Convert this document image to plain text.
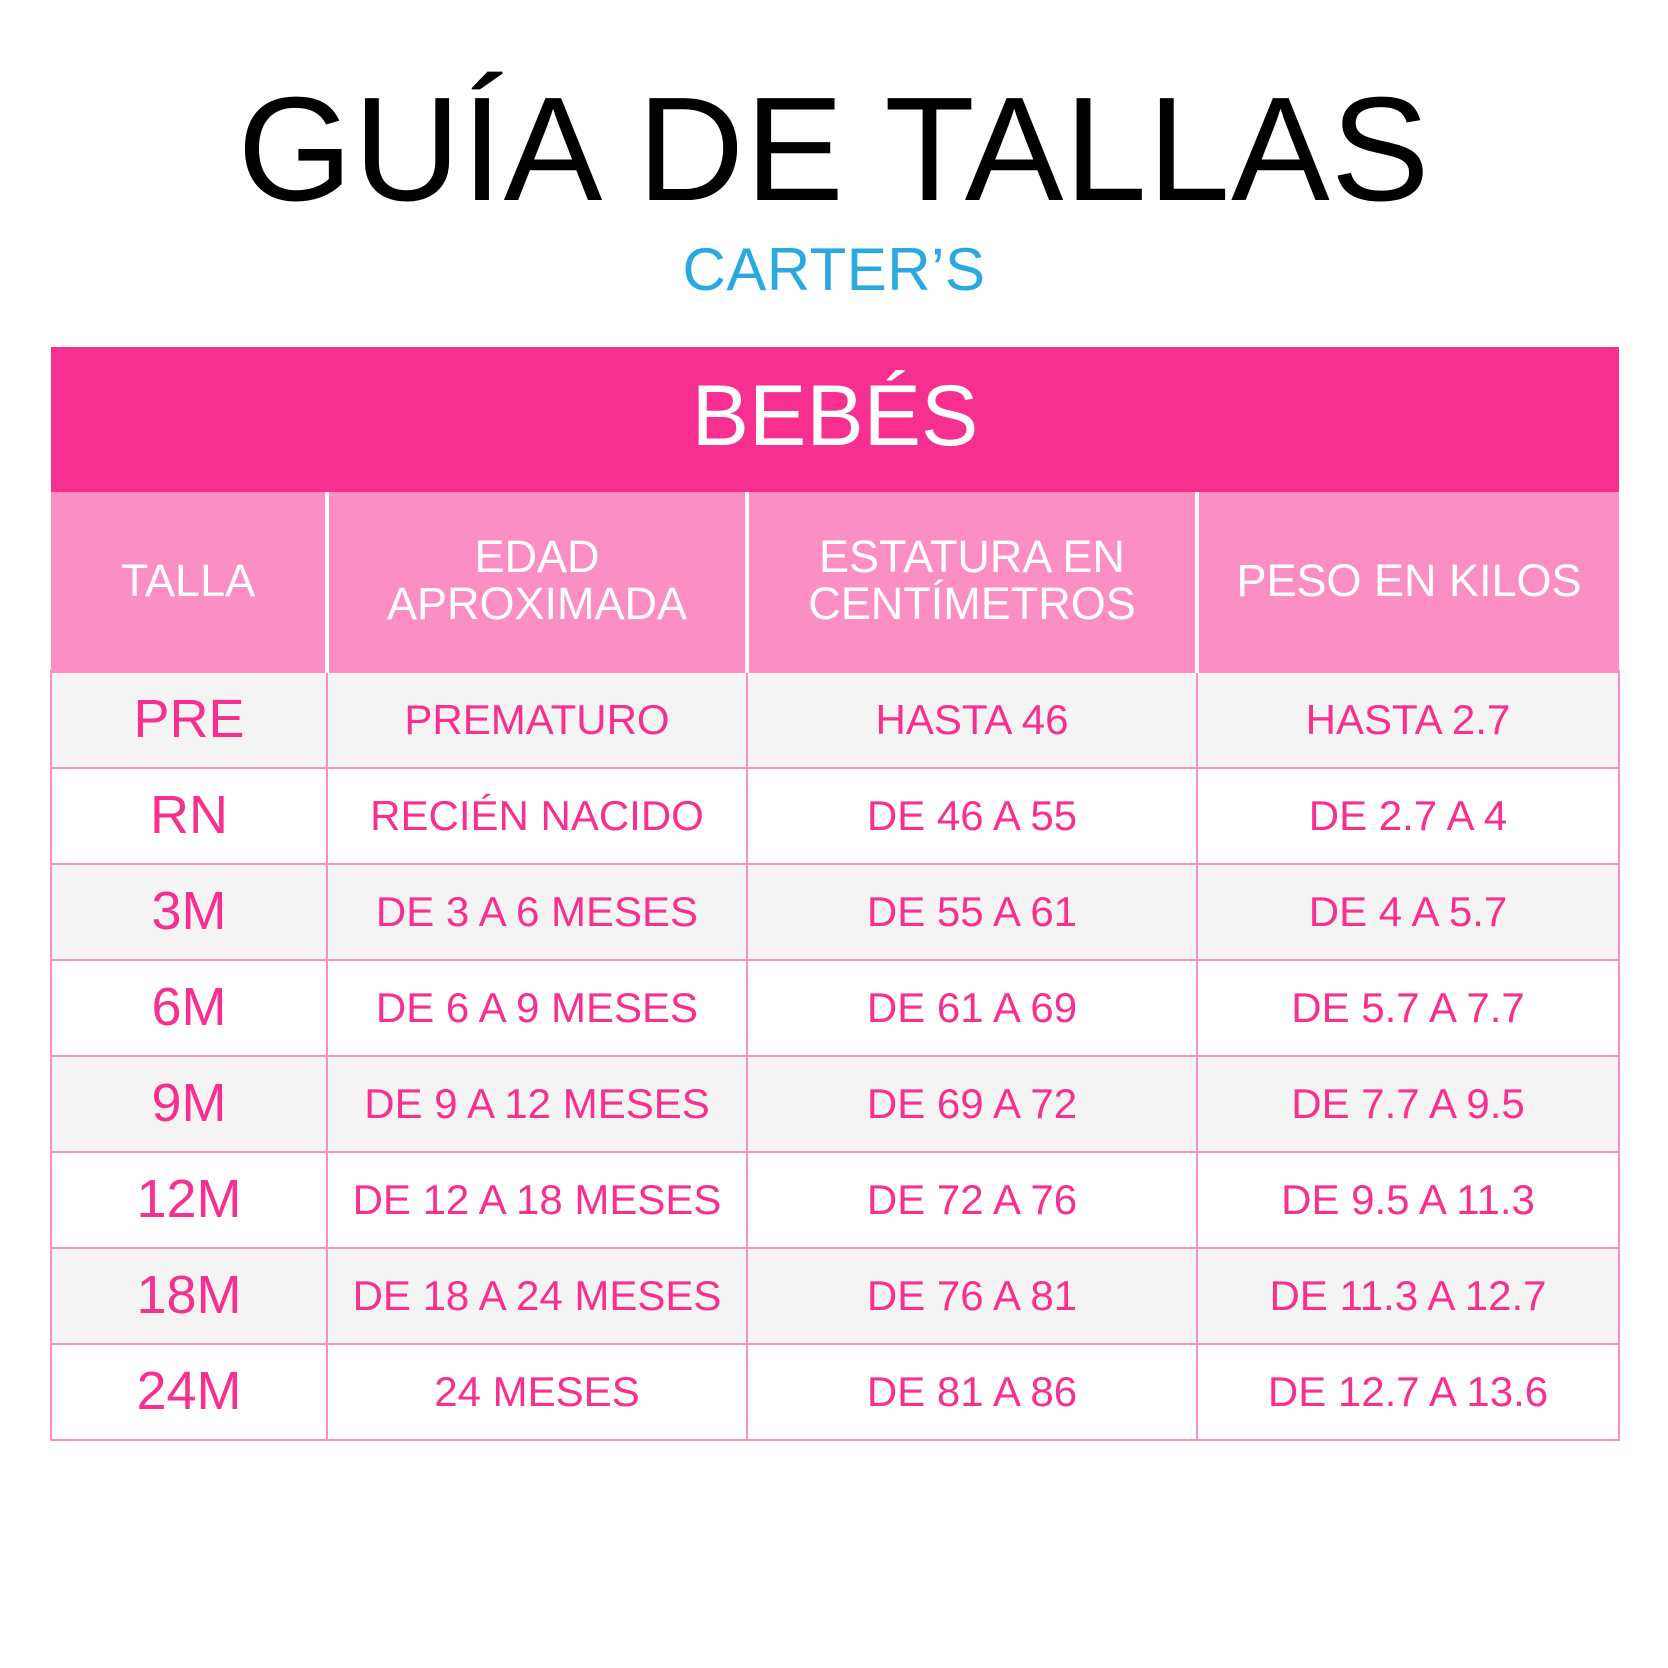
GUÍA DE TALLAS
CARTER’S
BEBÉS			
TALLA	EDAD APROXIMADA	ESTATURA EN CENTÍMETROS	PESO EN KILOS
PRE	PREMATURO	HASTA 46	HASTA 2.7
RN	RECIÉN NACIDO	DE 46 A 55	DE 2.7 A 4
3M	DE 3 A 6 MESES	DE 55 A 61	DE 4 A 5.7
6M	DE 6 A 9 MESES	DE 61 A 69	DE 5.7 A 7.7
9M	DE 9 A 12 MESES	DE 69 A 72	DE 7.7 A 9.5
12M	DE 12 A 18 MESES	DE 72 A 76	DE 9.5 A 11.3
18M	DE 18 A 24 MESES	DE 76 A 81	DE 11.3 A 12.7
24M	24 MESES	DE 81 A 86	DE 12.7 A 13.6
